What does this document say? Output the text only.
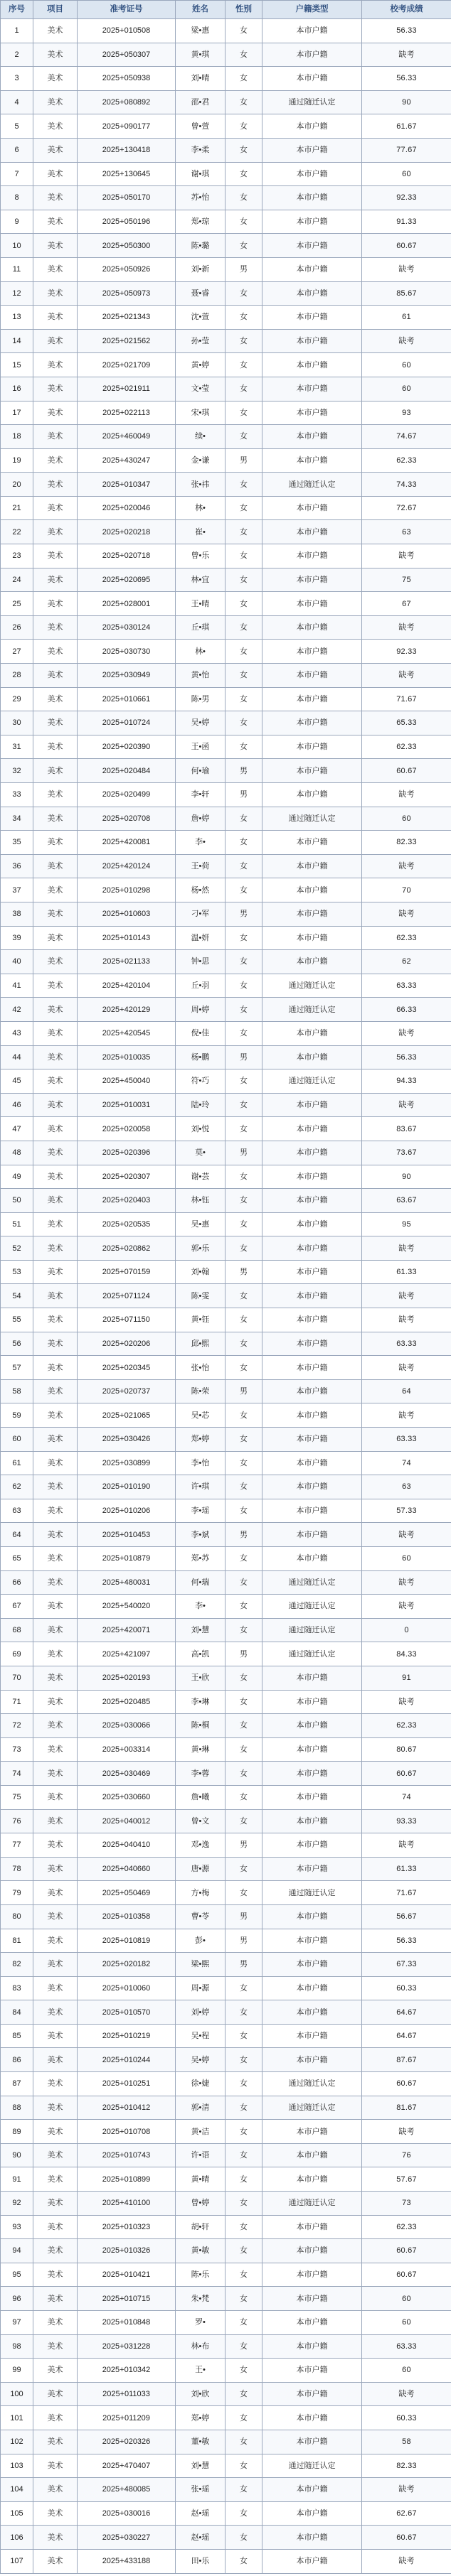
序号	项目	准考证号	姓名	性别	户籍类型	校考成绩
1	美术	2025+010508	梁•惠	女	本市户籍	56.33
2	美术	2025+050307	黄•琪	女	本市户籍	缺考
3	美术	2025+050938	刘•晴	女	本市户籍	56.33
4	美术	2025+080892	邵•君	女	通过随迁认定	90
5	美术	2025+090177	曾•萱	女	本市户籍	61.67
6	美术	2025+130418	李•柔	女	本市户籍	77.67
7	美术	2025+130645	谢•琪	女	本市户籍	60
8	美术	2025+050170	苏•怡	女	本市户籍	92.33
9	美术	2025+050196	郑•琼	女	本市户籍	91.33
10	美术	2025+050300	陈•璐	女	本市户籍	60.67
11	美术	2025+050926	刘•新	男	本市户籍	缺考
12	美术	2025+050973	聂•睿	女	本市户籍	85.67
13	美术	2025+021343	沈•萱	女	本市户籍	61
14	美术	2025+021562	孙•莹	女	本市户籍	缺考
15	美术	2025+021709	黄•婷	女	本市户籍	60
16	美术	2025+021911	文•莹	女	本市户籍	60
17	美术	2025+022113	宋•琪	女	本市户籍	93
18	美术	2025+460049	续•	女	本市户籍	74.67
19	美术	2025+430247	金•谦	男	本市户籍	62.33
20	美术	2025+010347	张•祎	女	通过随迁认定	74.33
21	美术	2025+020046	林•	女	本市户籍	72.67
22	美术	2025+020218	崔•	女	本市户籍	63
23	美术	2025+020718	曾•乐	女	本市户籍	缺考
24	美术	2025+020695	林•宜	女	本市户籍	75
25	美术	2025+028001	王•晴	女	本市户籍	67
26	美术	2025+030124	丘•琪	女	本市户籍	缺考
27	美术	2025+030730	林•	女	本市户籍	92.33
28	美术	2025+030949	黄•怡	女	本市户籍	缺考
29	美术	2025+010661	陈•男	女	本市户籍	71.67
30	美术	2025+010724	吴•婷	女	本市户籍	65.33
31	美术	2025+020390	王•函	女	本市户籍	62.33
32	美术	2025+020484	何•瑜	男	本市户籍	60.67
33	美术	2025+020499	李•轩	男	本市户籍	缺考
34	美术	2025+020708	詹•婷	女	通过随迁认定	60
35	美术	2025+420081	李•	女	本市户籍	82.33
36	美术	2025+420124	王•荷	女	本市户籍	缺考
37	美术	2025+010298	杨•然	女	本市户籍	70
38	美术	2025+010603	刁•军	男	本市户籍	缺考
39	美术	2025+010143	温•妍	女	本市户籍	62.33
40	美术	2025+021133	钟•思	女	本市户籍	62
41	美术	2025+420104	丘•羽	女	通过随迁认定	63.33
42	美术	2025+420129	周•婷	女	通过随迁认定	66.33
43	美术	2025+420545	倪•佳	女	本市户籍	缺考
44	美术	2025+010035	杨•鹏	男	本市户籍	56.33
45	美术	2025+450040	符•巧	女	通过随迁认定	94.33
46	美术	2025+010031	陆•玲	女	本市户籍	缺考
47	美术	2025+020058	刘•悦	女	本市户籍	83.67
48	美术	2025+020396	莫•	男	本市户籍	73.67
49	美术	2025+020307	谢•芸	女	本市户籍	90
50	美术	2025+020403	林•钰	女	本市户籍	63.67
51	美术	2025+020535	吴•惠	女	本市户籍	95
52	美术	2025+020862	郭•乐	女	本市户籍	缺考
53	美术	2025+070159	刘•翰	男	本市户籍	61.33
54	美术	2025+071124	陈•雯	女	本市户籍	缺考
55	美术	2025+071150	黄•钰	女	本市户籍	缺考
56	美术	2025+020206	邱•熙	女	本市户籍	63.33
57	美术	2025+020345	张•怡	女	本市户籍	缺考
58	美术	2025+020737	陈•荣	男	本市户籍	64
59	美术	2025+021065	吴•芯	女	本市户籍	缺考
60	美术	2025+030426	郑•婷	女	本市户籍	63.33
61	美术	2025+030899	李•怡	女	本市户籍	74
62	美术	2025+010190	许•琪	女	本市户籍	63
63	美术	2025+010206	李•瑶	女	本市户籍	57.33
64	美术	2025+010453	李•斌	男	本市户籍	缺考
65	美术	2025+010879	郑•苏	女	本市户籍	60
66	美术	2025+480031	何•瑞	女	通过随迁认定	缺考
67	美术	2025+540020	李•	女	通过随迁认定	缺考
68	美术	2025+420071	刘•慧	女	通过随迁认定	0
69	美术	2025+421097	高•凯	男	通过随迁认定	84.33
70	美术	2025+020193	王•欣	女	本市户籍	91
71	美术	2025+020485	李•琳	女	本市户籍	缺考
72	美术	2025+030066	陈•桐	女	本市户籍	62.33
73	美术	2025+003314	黄•琳	女	本市户籍	80.67
74	美术	2025+030469	李•蓉	女	本市户籍	60.67
75	美术	2025+030660	詹•曦	女	本市户籍	74
76	美术	2025+040012	曾•文	女	本市户籍	93.33
77	美术	2025+040410	邓•逸	男	本市户籍	缺考
78	美术	2025+040660	唐•源	女	本市户籍	61.33
79	美术	2025+050469	方•梅	女	通过随迁认定	71.67
80	美术	2025+010358	曹•苓	男	本市户籍	56.67
81	美术	2025+010819	彭•	男	本市户籍	56.33
82	美术	2025+020182	梁•熙	男	本市户籍	67.33
83	美术	2025+010060	周•源	女	本市户籍	60.33
84	美术	2025+010570	刘•婷	女	本市户籍	64.67
85	美术	2025+010219	吴•程	女	本市户籍	64.67
86	美术	2025+010244	吴•婷	女	本市户籍	87.67
87	美术	2025+010251	徐•婕	女	通过随迁认定	60.67
88	美术	2025+010412	郭•清	女	通过随迁认定	81.67
89	美术	2025+010708	黄•洁	女	本市户籍	缺考
90	美术	2025+010743	许•语	女	本市户籍	76
91	美术	2025+010899	黄•晴	女	本市户籍	57.67
92	美术	2025+410100	曾•婷	女	通过随迁认定	73
93	美术	2025+010323	胡•轩	女	本市户籍	62.33
94	美术	2025+010326	黄•敏	女	本市户籍	60.67
95	美术	2025+010421	陈•乐	女	本市户籍	60.67
96	美术	2025+010715	朱•梵	女	本市户籍	60
97	美术	2025+010848	罗•	女	本市户籍	60
98	美术	2025+031228	林•布	女	本市户籍	63.33
99	美术	2025+010342	王•	女	本市户籍	60
100	美术	2025+011033	刘•欣	女	本市户籍	缺考
101	美术	2025+011209	郑•婷	女	本市户籍	60.33
102	美术	2025+020326	董•敏	女	本市户籍	58
103	美术	2025+470407	刘•慧	女	通过随迁认定	82.33
104	美术	2025+480085	张•瑶	女	本市户籍	缺考
105	美术	2025+030016	赵•瑶	女	本市户籍	62.67
106	美术	2025+030227	赵•瑶	女	本市户籍	60.67
107	美术	2025+433188	田•乐	女	本市户籍	缺考
